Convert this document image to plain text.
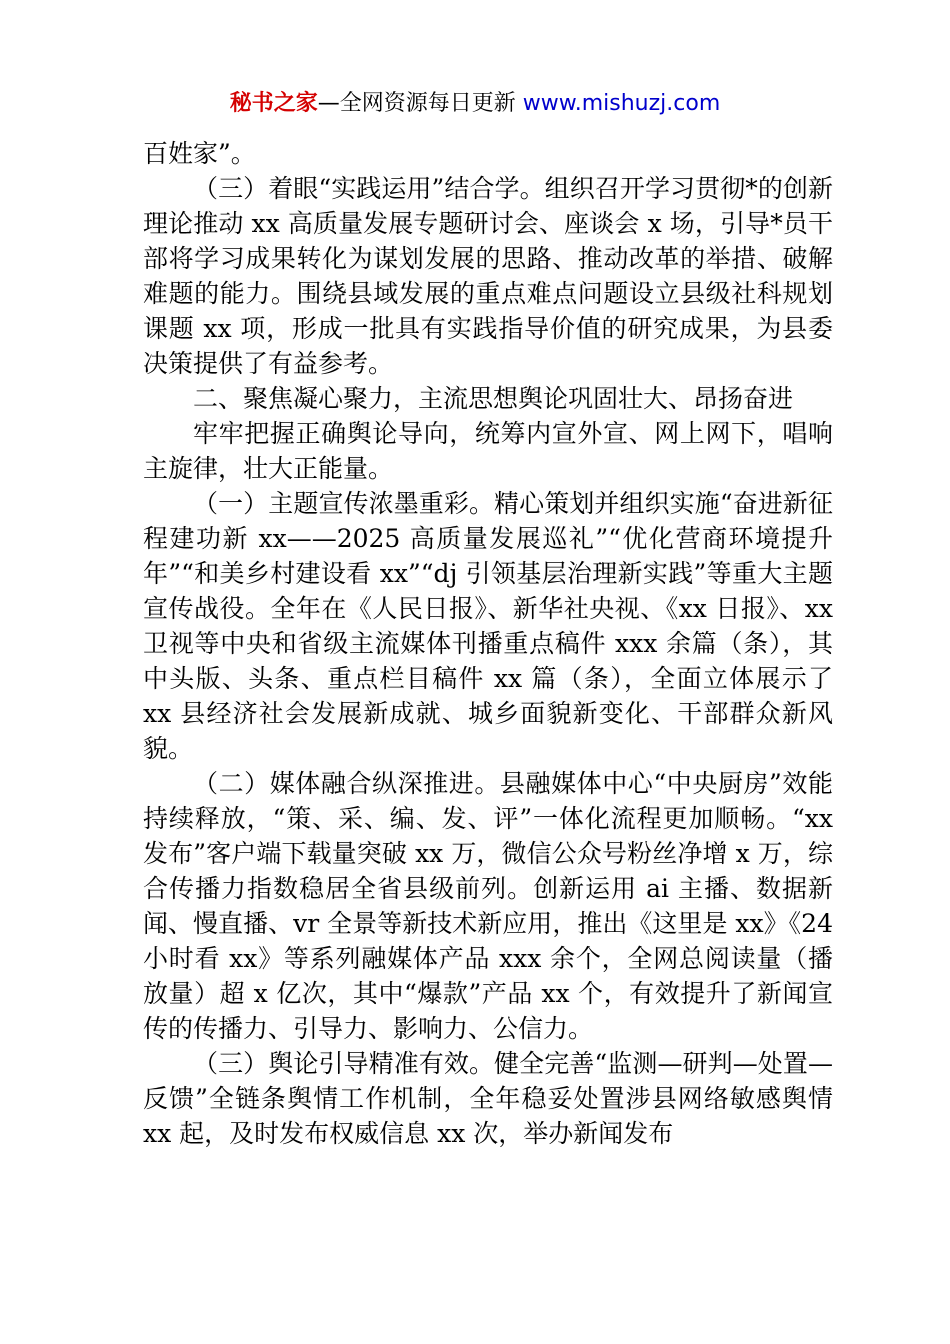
秘书之家—全网资源每日更新 www.mishuzj.com

百姓家”。

（三）着眼“实践运用”结合学。组织召开学习贯彻*的创新理论推动 xx 高质量发展专题研讨会、座谈会 x 场，引导*员干部将学习成果转化为谋划发展的思路、推动改革的举措、破解难题的能力。围绕县域发展的重点难点问题设立县级社科规划课题 xx 项，形成一批具有实践指导价值的研究成果，为县委决策提供了有益参考。

二、聚焦凝心聚力，主流思想舆论巩固壮大、昂扬奋进

牢牢把握正确舆论导向，统筹内宣外宣、网上网下，唱响主旋律，壮大正能量。

（一）主题宣传浓墨重彩。精心策划并组织实施“奋进新征程建功新 xx——2025 高质量发展巡礼”“优化营商环境提升年”“和美乡村建设看 xx”“dj 引领基层治理新实践”等重大主题宣传战役。全年在《人民日报》、新华社央视、《xx 日报》、xx 卫视等中央和省级主流媒体刊播重点稿件 xxx 余篇（条），其中头版、头条、重点栏目稿件 xx 篇（条），全面立体展示了 xx 县经济社会发展新成就、城乡面貌新变化、干部群众新风貌。

（二）媒体融合纵深推进。县融媒体中心“中央厨房”效能持续释放，“策、采、编、发、评”一体化流程更加顺畅。“xx 发布”客户端下载量突破 xx 万，微信公众号粉丝净增 x 万，综合传播力指数稳居全省县级前列。创新运用 ai 主播、数据新闻、慢直播、vr 全景等新技术新应用，推出《这里是 xx》《24 小时看 xx》等系列融媒体产品 xxx 余个，全网总阅读量（播放量）超 x 亿次，其中“爆款”产品 xx 个，有效提升了新闻宣传的传播力、引导力、影响力、公信力。

（三）舆论引导精准有效。健全完善“监测—研判—处置—反馈”全链条舆情工作机制，全年稳妥处置涉县网络敏感舆情 xx 起，及时发布权威信息 xx 次，举办新闻发布
